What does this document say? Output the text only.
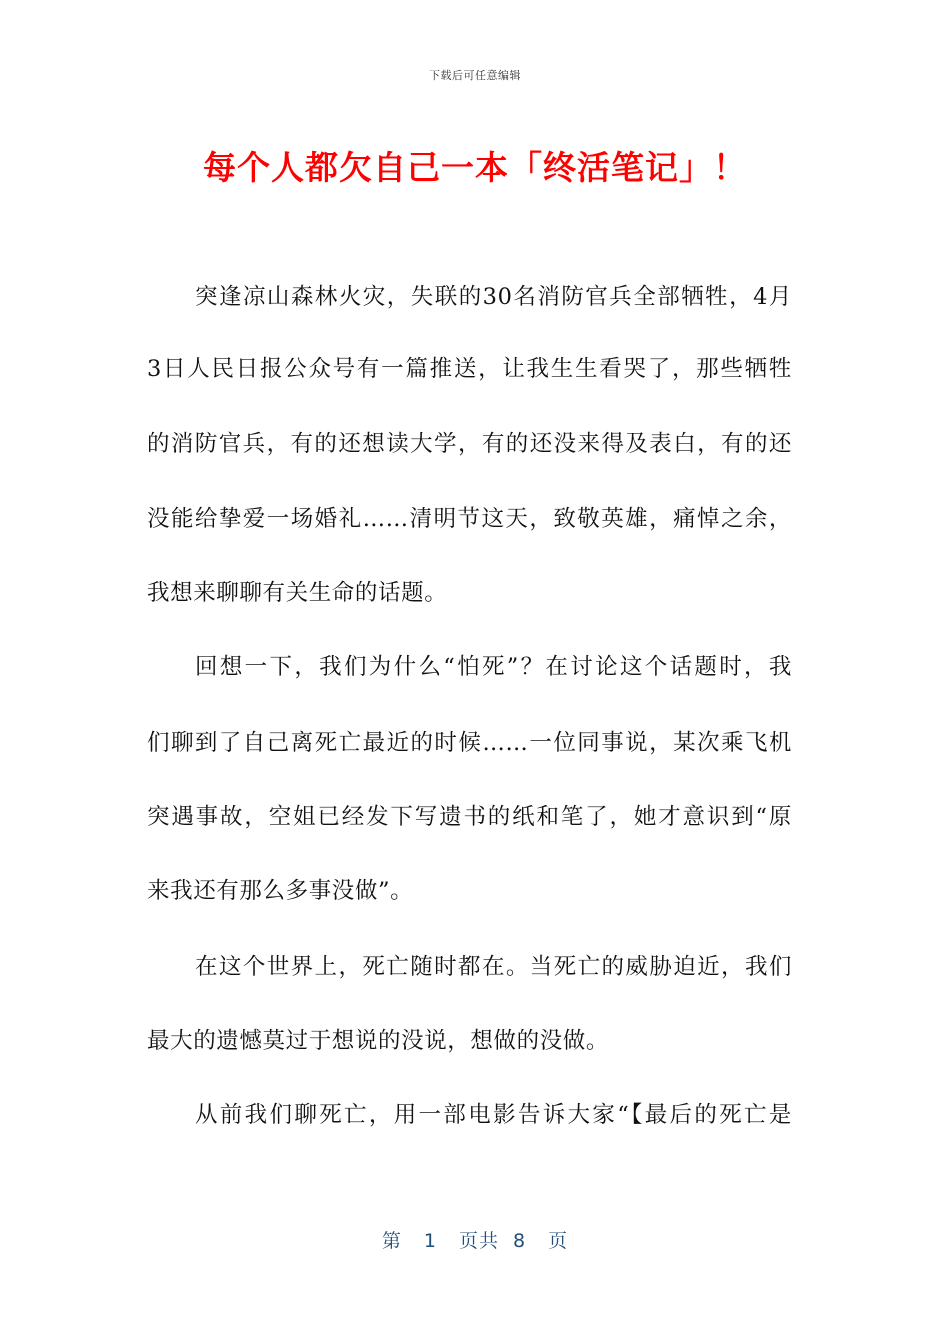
下载后可任意编辑
每个人都欠自己一本「终活笔记」！
突逢凉山森林火灾，失联的30名消防官兵全部牺牲，4月
3日人民日报公众号有一篇推送，让我生生看哭了，那些牺牲
的消防官兵，有的还想读大学，有的还没来得及表白，有的还
没能给挚爱一场婚礼……清明节这天，致敬英雄，痛悼之余，
我想来聊聊有关生命的话题。
回想一下，我们为什么“怕死”？在讨论这个话题时，我
们聊到了自己离死亡最近的时候……一位同事说，某次乘飞机
突遇事故，空姐已经发下写遗书的纸和笔了，她才意识到“原
来我还有那么多事没做”。
在这个世界上，死亡随时都在。当死亡的威胁迫近，我们
最大的遗憾莫过于想说的没说，想做的没做。
从前我们聊死亡，用一部电影告诉大家“【最后的死亡是
第 1 页共 8 页
